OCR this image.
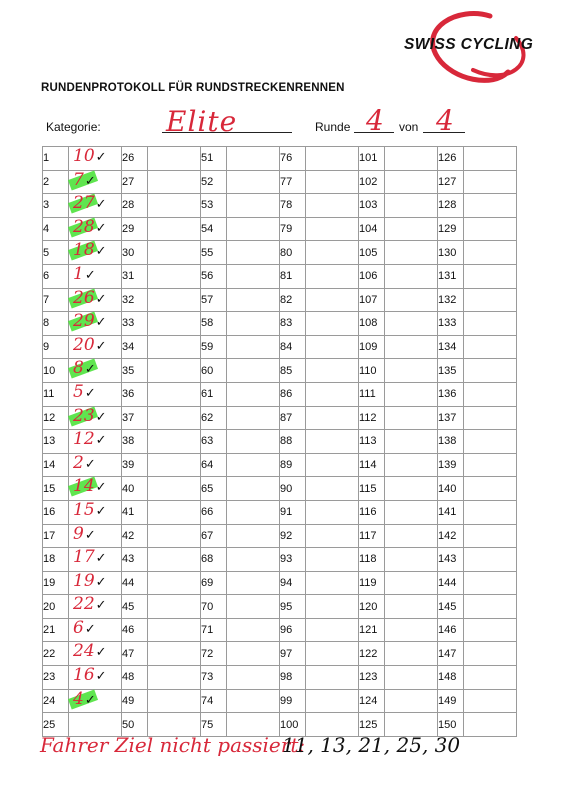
SWISS CYCLING
RUNDENPROTOKOLL FÜR RUNDSTRECKENRENNEN
Kategorie: Elite	Runde 4 von 4
1	10✓	26		51		76		101		126	
2	7✓	27		52		77		102		127	
3	27✓	28		53		78		103		128	
4	28✓	29		54		79		104		129	
5	18✓	30		55		80		105		130	
6	1✓	31		56		81		106		131	
7	26✓	32		57		82		107		132	
8	29✓	33		58		83		108		133	
9	20✓	34		59		84		109		134	
10	8✓	35		60		85		110		135	
11	5✓	36		61		86		111		136	
12	23✓	37		62		87		112		137	
13	12✓	38		63		88		113		138	
14	2✓	39		64		89		114		139	
15	14✓	40		65		90		115		140	
16	15✓	41		66		91		116		141	
17	9✓	42		67		92		117		142	
18	17✓	43		68		93		118		143	
19	19✓	44		69		94		119		144	
20	22✓	45		70		95		120		145	
21	6✓	46		71		96		121		146	
22	24✓	47		72		97		122		147	
23	16✓	48		73		98		123		148	
24	4✓	49		74		99		124		149	
25		50		75		100		125		150	
Fahrer Ziel nicht passiert:
11, 13, 21, 25, 30
